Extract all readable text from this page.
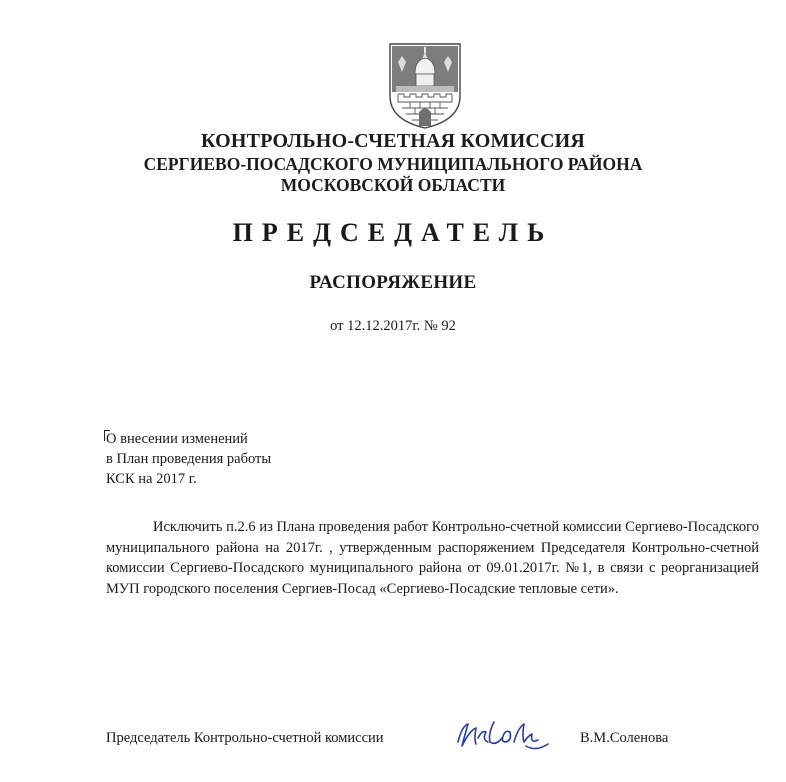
КОНТРОЛЬНО-СЧЕТНАЯ КОМИССИЯ
СЕРГИЕВО-ПОСАДСКОГО МУНИЦИПАЛЬНОГО РАЙОНА
МОСКОВСКОЙ ОБЛАСТИ
ПРЕДСЕДАТЕЛЬ
РАСПОРЯЖЕНИЕ
от 12.12.2017г. № 92
О внесении изменений
в План проведения работы
КСК на 2017 г.
Исключить п.2.6 из Плана проведения работ Контрольно-счетной комиссии Сергиево-Посадского муниципального района на 2017г. , утвержденным распоряжением Председателя Контрольно-счетной комиссии Сергиево-Посадского муниципального района от 09.01.2017г. №1, в связи с реорганизацией МУП городского поселения Сергиев-Посад «Сергиево-Посадские тепловые сети».
Председатель Контрольно-счетной комиссии	В.М.Соленова
